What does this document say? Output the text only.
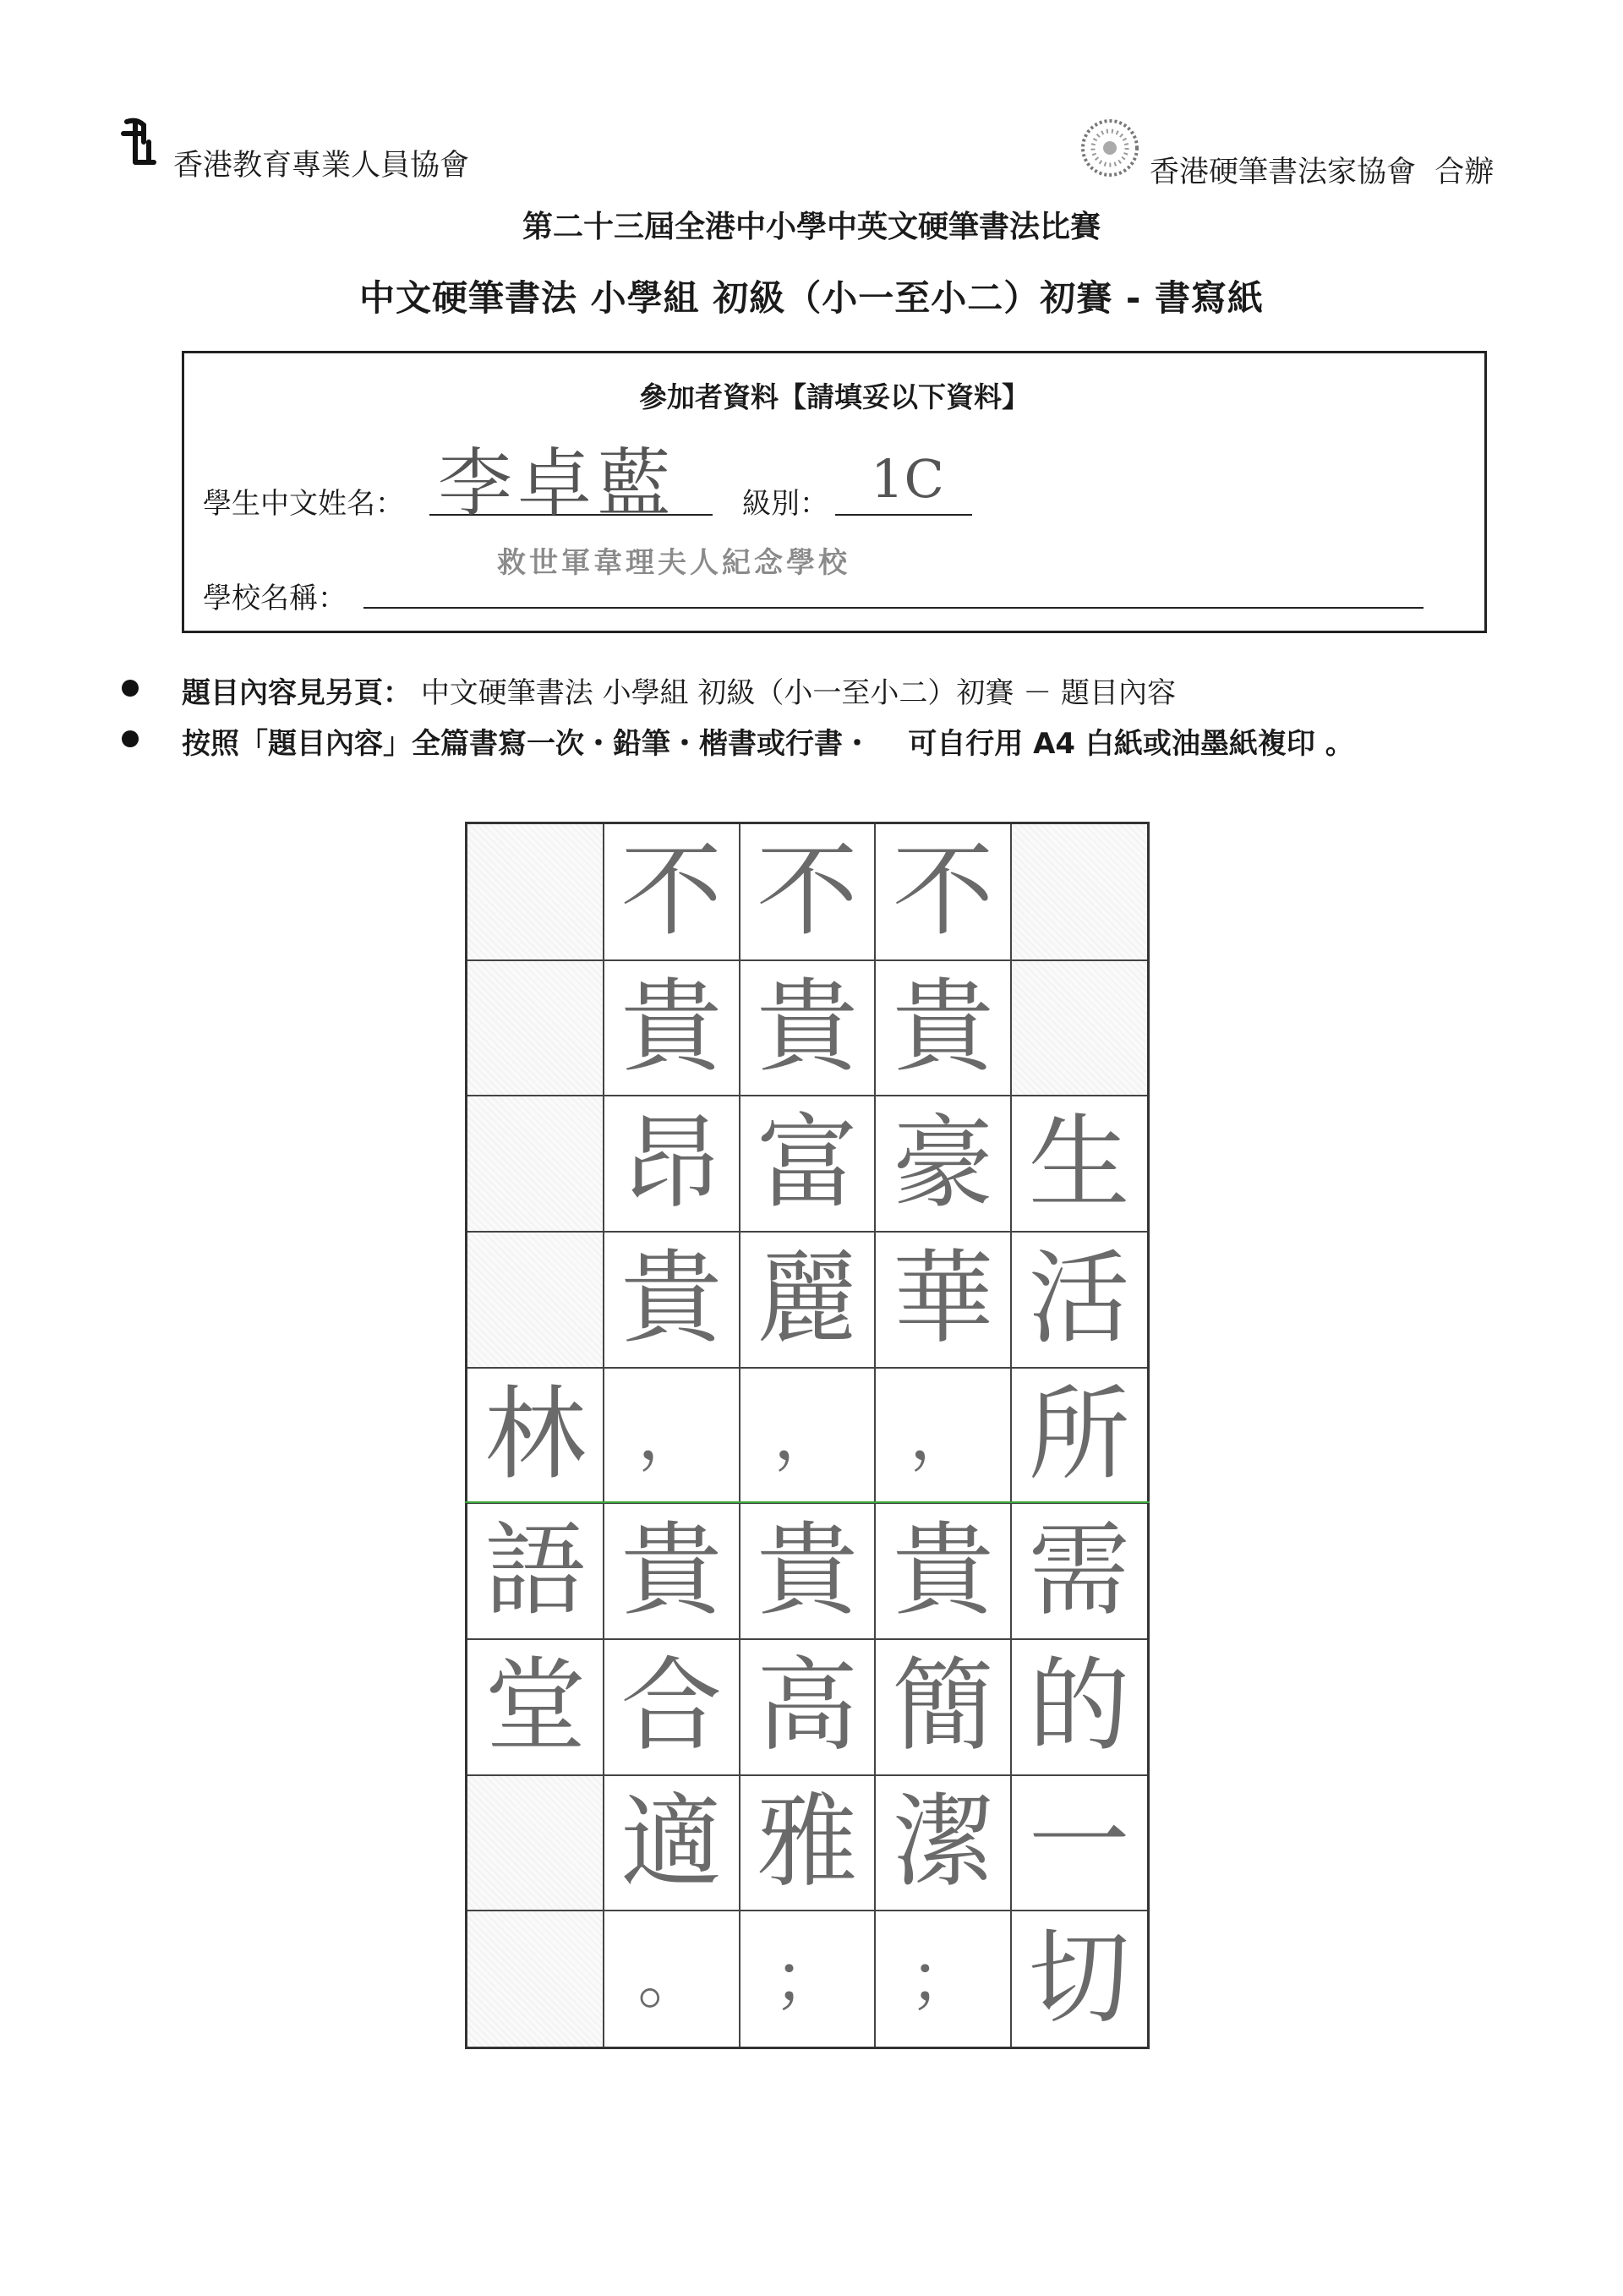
香港教育專業人員協會	香港硬筆書法家協會 合辦
第二十三屆全港中小學中英文硬筆書法比賽
中文硬筆書法 小學組 初級（小一至小二）初賽 - 書寫紙
參加者資料【請填妥以下資料】
學生中文姓名： 李卓藍 級別： 1C
救世軍韋理夫人紀念學校
學校名稱：
題目內容見另頁： 中文硬筆書法 小學組 初級（小一至小二）初賽 － 題目內容
按照「題目內容」全篇書寫一次・鉛筆・楷書或行書・ 可自行用 A4 白紙或油墨紙複印 。
林
語
堂
不
貴
昂
貴
，
貴
合
適
。
不
貴
富
麗
，
貴
高
雅
；
不
貴
豪
華
，
貴
簡
潔
；
生
活
所
需
的
一
切
